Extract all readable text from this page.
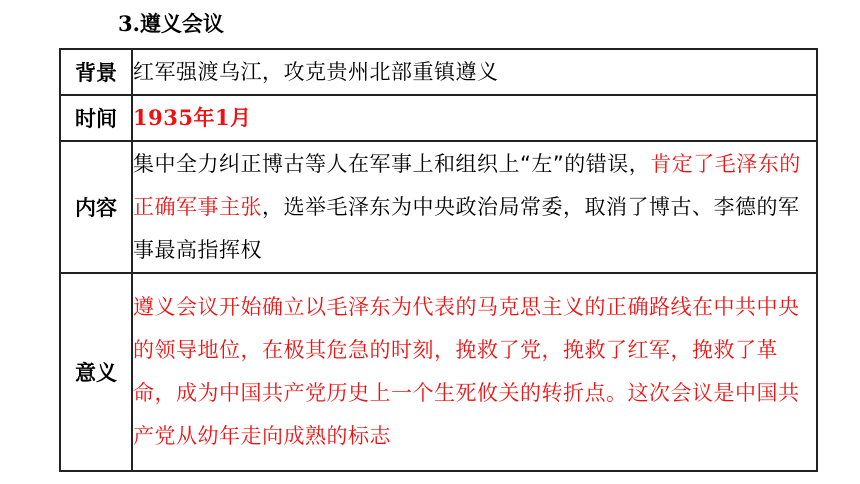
3.遵义会议
背景	红军强渡乌江，攻克贵州北部重镇遵义
时间	1935年1月
内容	集中全力纠正博古等人在军事上和组织上“左”的错误，肯定了毛泽东的正确军事主张，选举毛泽东为中央政治局常委，取消了博古、李德的军事最高指挥权
意义	遵义会议开始确立以毛泽东为代表的马克思主义的正确路线在中共中央的领导地位，在极其危急的时刻，挽救了党，挽救了红军，挽救了革命，成为中国共产党历史上一个生死攸关的转折点。这次会议是中国共产党从幼年走向成熟的标志
